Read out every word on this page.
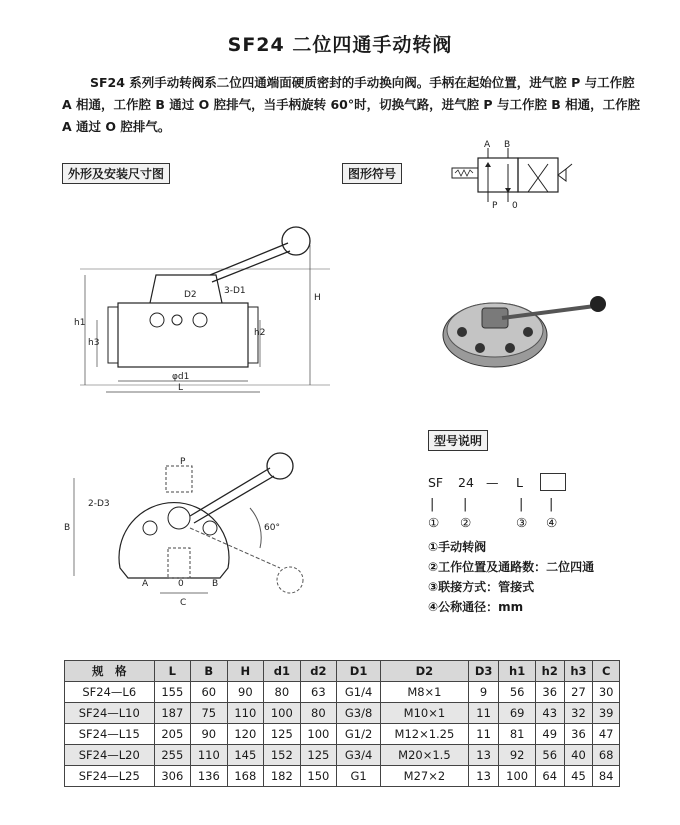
SF24 二位四通手动转阀
SF24 系列手动转阀系二位四通端面硬质密封的手动换向阀。手柄在起始位置，进气腔 P 与工作腔 A 相通，工作腔 B 通过 O 腔排气，当手柄旋转 60°时，切换气路，进气腔 P 与工作腔 B 相通，工作腔 A 通过 O 腔排气。
外形及安装尺寸图	图形符号
型号说明
A B
P 0
D2	3-D1
H
h1
h2
h3
φd1
L
P
A	B
0
2-D3
60°
B
C
SF 24 — L
| |	| |
① ②	③ ④
①手动转阀
②工作位置及通路数：二位四通
③联接方式：管接式
④公称通径：mm
规　格	L	B	H	d1	d2	D1	D2	D3	h1	h2	h3	C
SF24—L6	155	60	90	80	63	G1/4	M8×1	9	56	36	27	30
SF24—L10	187	75	110	100	80	G3/8	M10×1	11	69	43	32	39
SF24—L15	205	90	120	125	100	G1/2	M12×1.25	11	81	49	36	47
SF24—L20	255	110	145	152	125	G3/4	M20×1.5	13	92	56	40	68
SF24—L25	306	136	168	182	150	G1	M27×2	13	100	64	45	84
